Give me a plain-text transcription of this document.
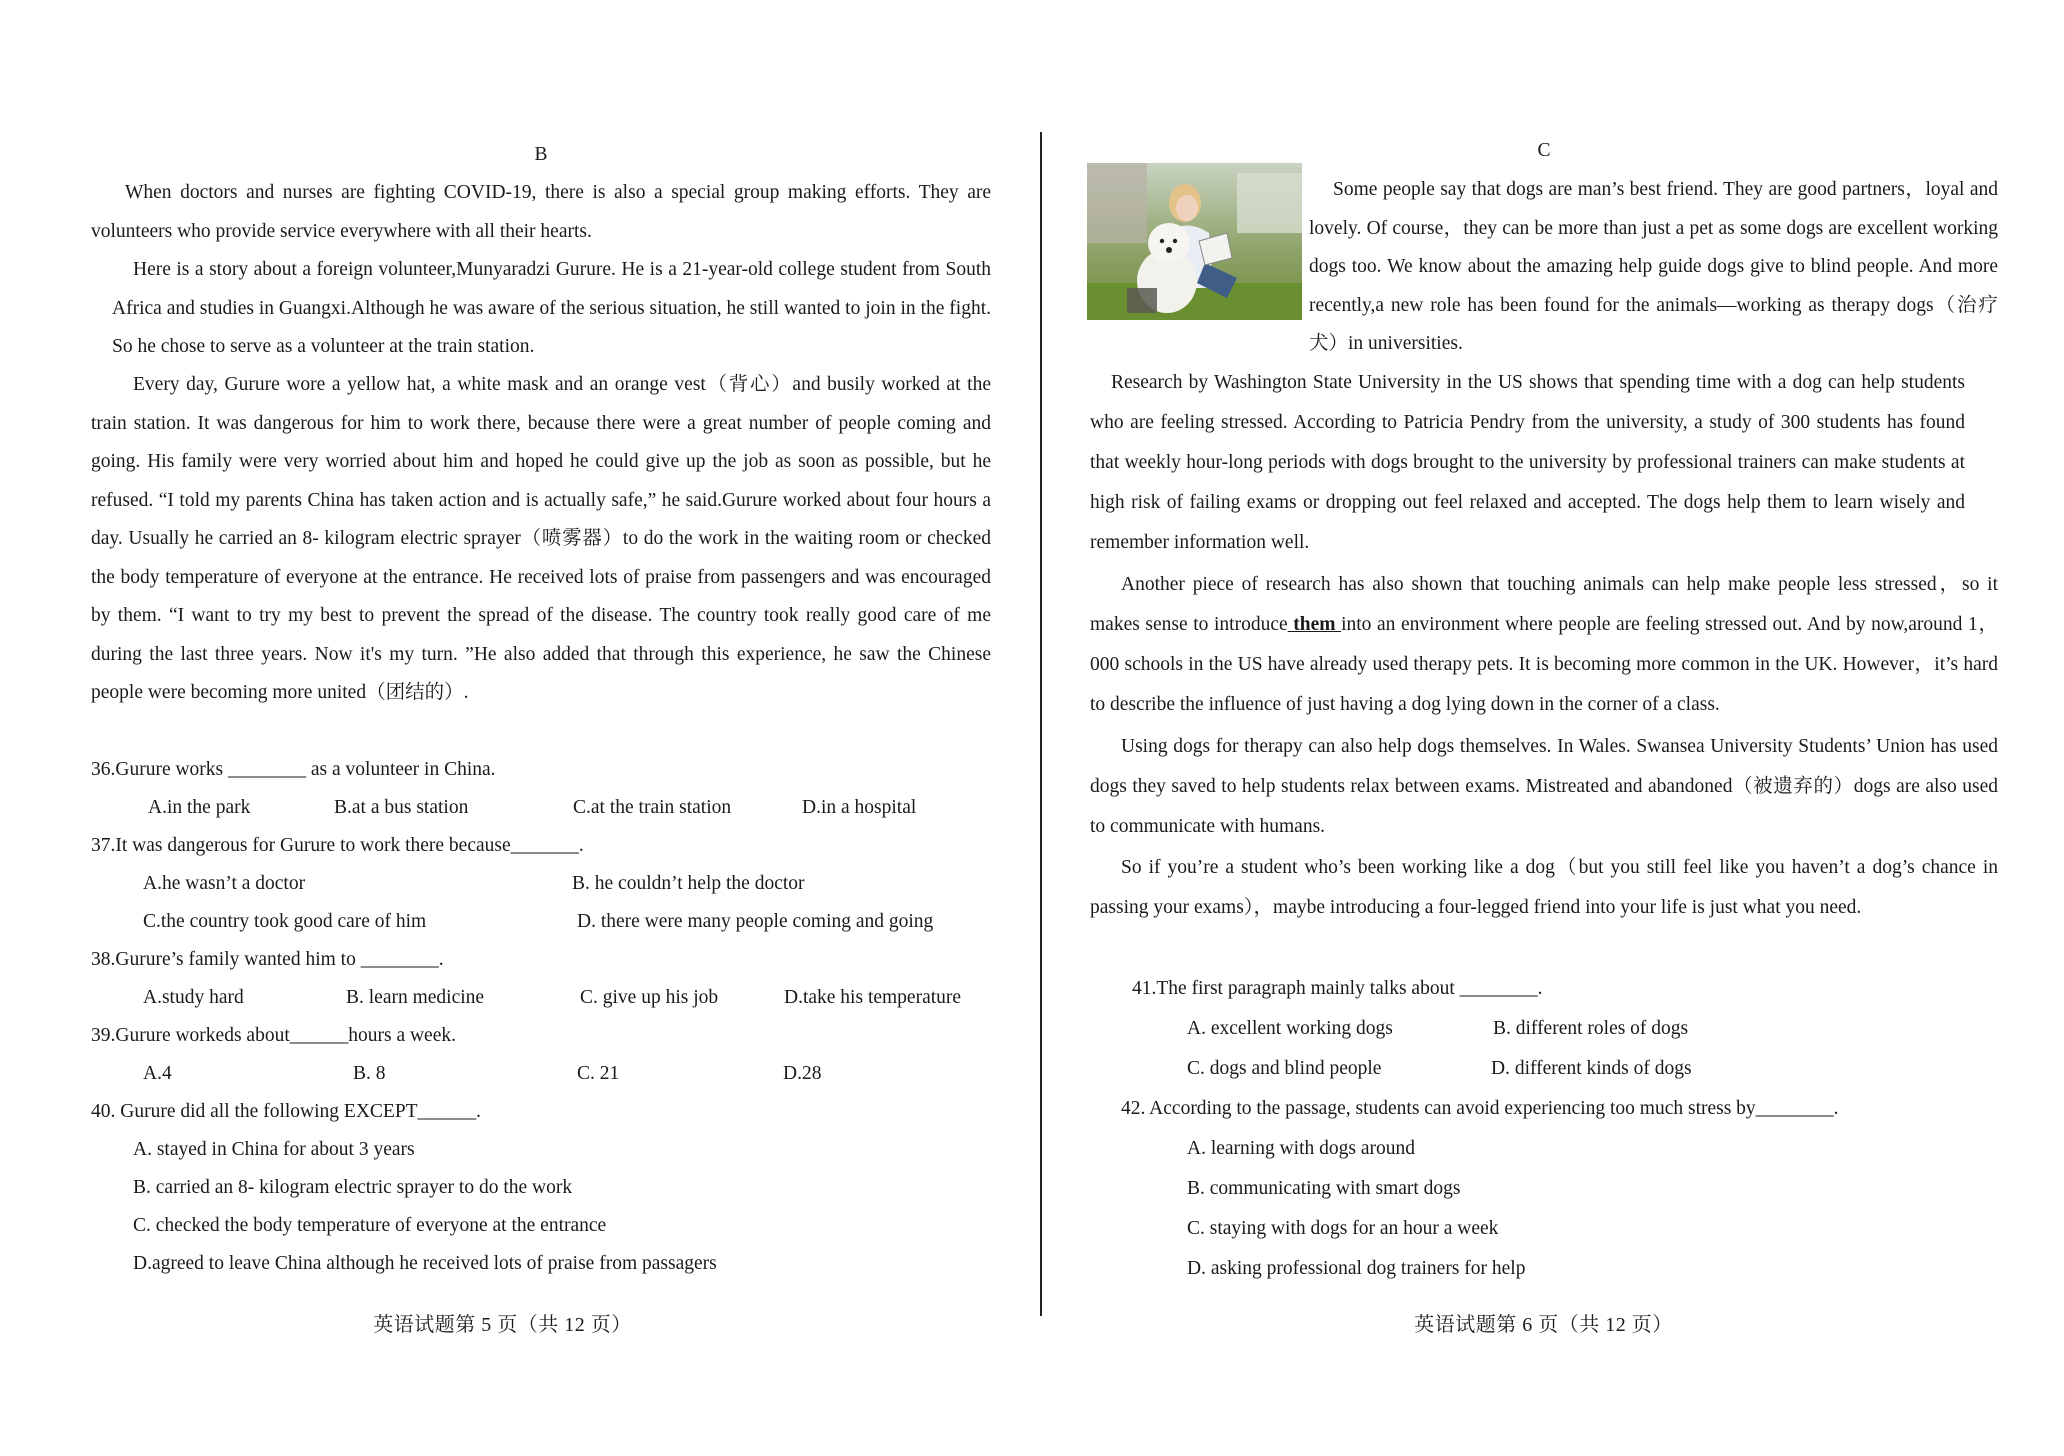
B

When doctors and nurses are fighting COVID-19, there is also a special group making efforts. They are volunteers who provide service everywhere with all their hearts.

Here is a story about a foreign volunteer,Munyaradzi Gurure. He is a 21-year-old college student from South Africa and studies in Guangxi.Although he was aware of the serious situation, he still wanted to join in the fight. So he chose to serve as a volunteer at the train station.

Every day, Gurure wore a yellow hat, a white mask and an orange vest（背心）and busily worked at the train station. It was dangerous for him to work there, because there were a great number of people coming and going. His family were very worried about him and hoped he could give up the job as soon as possible, but he refused. “I told my parents China has taken action and is actually safe,” he said.Gurure worked about four hours a day. Usually he carried an 8- kilogram electric sprayer（喷雾器）to do the work in the waiting room or checked the body temperature of everyone at the entrance. He received lots of praise from passengers and was encouraged by them. “I want to try my best to prevent the spread of the disease. The country took really good care of me during the last three years. Now it's my turn. ”He also added that through this experience, he saw the Chinese people were becoming more united（团结的）.

36.Gurure works ________ as a volunteer in China.
A.in the park	B.at a bus station	C.at the train station	D.in a hospital
37.It was dangerous for Gurure to work there because_______.
A.he wasn’t a doctor	B. he couldn’t help the doctor
C.the country took good care of him	D. there were many people coming and going
38.Gurure’s family wanted him to ________.
A.study hard	B. learn medicine	C. give up his job	D.take his temperature
39.Gurure workeds about______hours a week.
A.4	B. 8	C. 21	D.28
40. Gurure did all the following EXCEPT______.
A. stayed in China for about 3 years
B. carried an 8- kilogram electric sprayer to do the work
C. checked the body temperature of everyone at the entrance
D.agreed to leave China although he received lots of praise from passagers
英语试题第 5 页（共 12 页）
C

Some people say that dogs are man’s best friend. They are good partners，loyal and lovely. Of course，they can be more than just a pet as some dogs are excellent working dogs too. We know about the amazing help guide dogs give to blind people. And more recently,a new role has been found for the animals—working as therapy dogs（治疗犬）in universities.

Research by Washington State University in the US shows that spending time with a dog can help students who are feeling stressed. According to Patricia Pendry from the university, a study of 300 students has found that weekly hour-long periods with dogs brought to the university by professional trainers can make students at high risk of failing exams or dropping out feel relaxed and accepted. The dogs help them to learn wisely and remember information well.

Another piece of research has also shown that touching animals can help make people less stressed，so it makes sense to introduce them into an environment where people are feeling stressed out. And by now,around 1，000 schools in the US have already used therapy pets. It is becoming more common in the UK. However，it’s hard to describe the influence of just having a dog lying down in the corner of a class.

Using dogs for therapy can also help dogs themselves. In Wales. Swansea University Students’ Union has used dogs they saved to help students relax between exams. Mistreated and abandoned（被遗弃的）dogs are also used to communicate with humans.

So if you’re a student who’s been working like a dog（but you still feel like you haven’t a dog’s chance in passing your exams），maybe introducing a four-legged friend into your life is just what you need.

41.The first paragraph mainly talks about ________.
A. excellent working dogs	B. different roles of dogs
C. dogs and blind people	D. different kinds of dogs
42. According to the passage, students can avoid experiencing too much stress by________.
A. learning with dogs around
B. communicating with smart dogs
C. staying with dogs for an hour a week
D. asking professional dog trainers for help
英语试题第 6 页（共 12 页）
